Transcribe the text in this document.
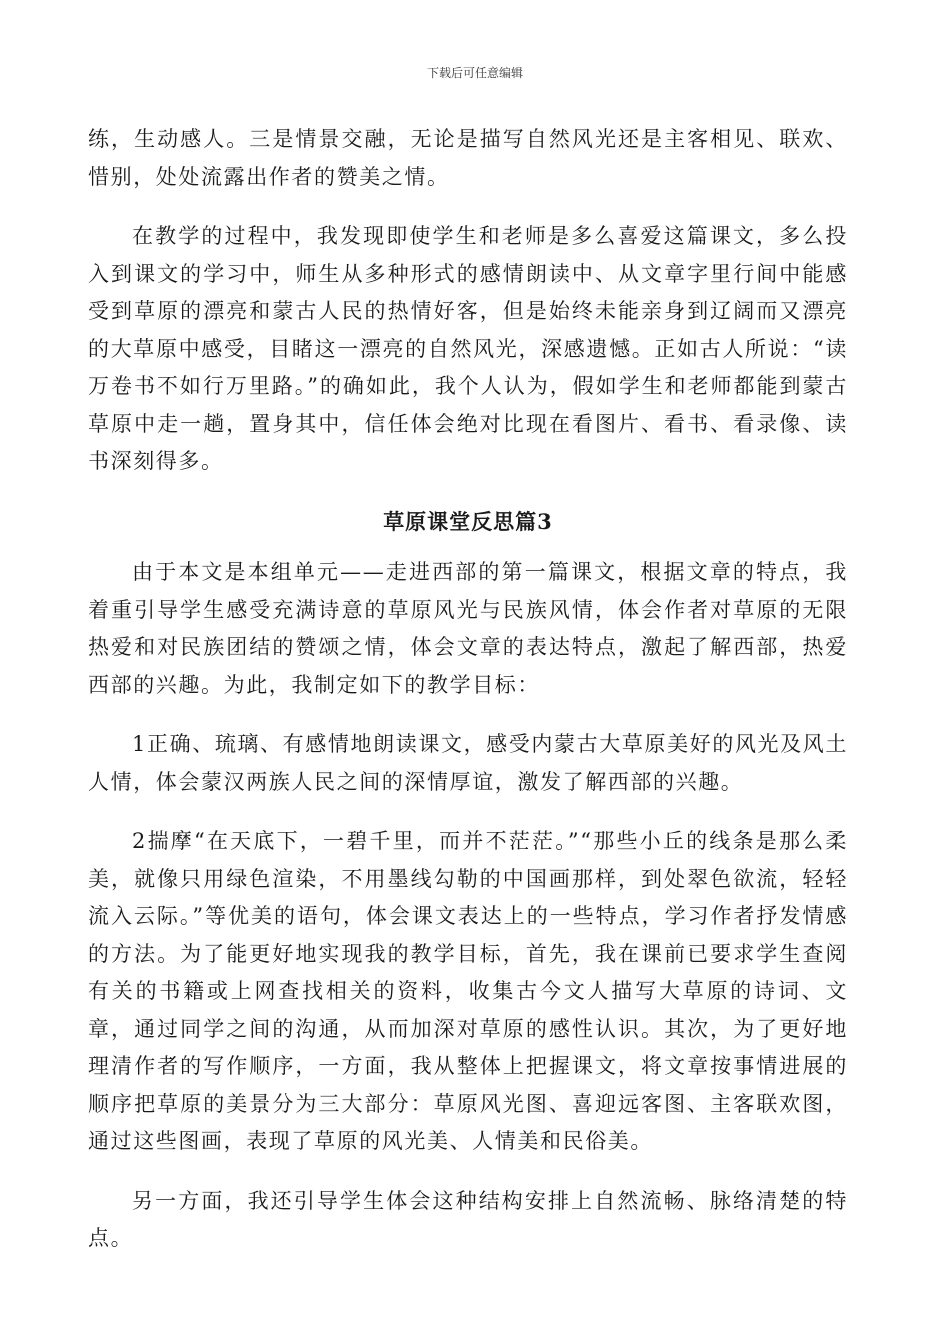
下载后可任意编辑

练，生动感人。三是情景交融，无论是描写自然风光还是主客相见、联欢、惜别，处处流露出作者的赞美之情。

在教学的过程中，我发现即使学生和老师是多么喜爱这篇课文，多么投入到课文的学习中，师生从多种形式的感情朗读中、从文章字里行间中能感受到草原的漂亮和蒙古人民的热情好客，但是始终未能亲身到辽阔而又漂亮的大草原中感受，目睹这一漂亮的自然风光，深感遗憾。正如古人所说：“读万卷书不如行万里路。”的确如此，我个人认为，假如学生和老师都能到蒙古草原中走一趟，置身其中，信任体会绝对比现在看图片、看书、看录像、读书深刻得多。

草原课堂反思篇3

由于本文是本组单元——走进西部的第一篇课文，根据文章的特点，我着重引导学生感受充满诗意的草原风光与民族风情，体会作者对草原的无限热爱和对民族团结的赞颂之情，体会文章的表达特点，激起了解西部，热爱西部的兴趣。为此，我制定如下的教学目标：

1正确、琉璃、有感情地朗读课文，感受内蒙古大草原美好的风光及风土人情，体会蒙汉两族人民之间的深情厚谊，激发了解西部的兴趣。

2揣摩“在天底下，一碧千里，而并不茫茫。”“那些小丘的线条是那么柔美，就像只用绿色渲染，不用墨线勾勒的中国画那样，到处翠色欲流，轻轻流入云际。”等优美的语句，体会课文表达上的一些特点，学习作者抒发情感的方法。为了能更好地实现我的教学目标，首先，我在课前已要求学生查阅有关的书籍或上网查找相关的资料，收集古今文人描写大草原的诗词、文章，通过同学之间的沟通，从而加深对草原的感性认识。其次，为了更好地理清作者的写作顺序，一方面，我从整体上把握课文，将文章按事情进展的顺序把草原的美景分为三大部分：草原风光图、喜迎远客图、主客联欢图，通过这些图画，表现了草原的风光美、人情美和民俗美。

另一方面，我还引导学生体会这种结构安排上自然流畅、脉络清楚的特点。
